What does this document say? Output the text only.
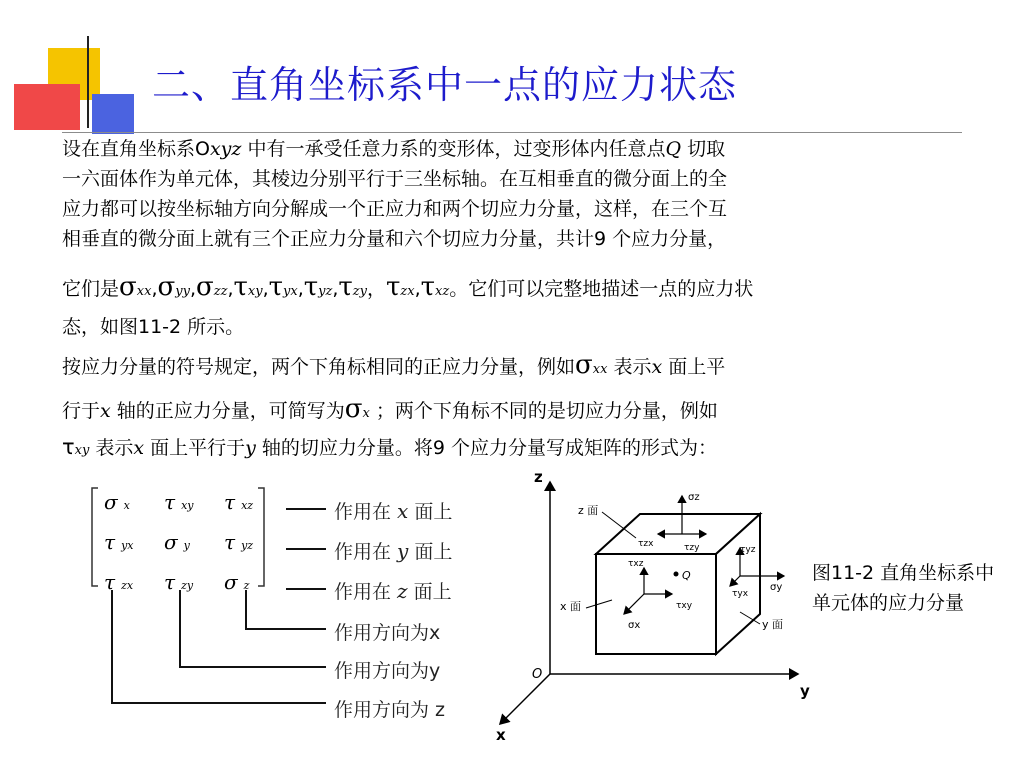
二、直角坐标系中一点的应力状态
设在直角坐标系Oxyz 中有一承受任意力系的变形体，过变形体内任意点Q 切取
一六面体作为单元体，其棱边分别平行于三坐标轴。在互相垂直的微分面上的全
应力都可以按坐标轴方向分解成一个正应力和两个切应力分量，这样，在三个互
相垂直的微分面上就有三个正应力分量和六个切应力分量，共计9 个应力分量，
它们是σxx,σyy,σzz,τxy,τyx,τyz,τzy，τzx,τxz。它们可以完整地描述一点的应力状
态，如图11-2 所示。
按应力分量的符号规定，两个下角标相同的正应力分量，例如σxx 表示x 面上平
行于x 轴的正应力分量，可简写为σx ；两个下角标不同的是切应力分量，例如
τxy 表示x 面上平行于y 轴的切应力分量。将9 个应力分量写成矩阵的形式为：
σx τxy τxz
τyx σy τyz
τzx τzy σz
作用在 x 面上
作用在 y 面上
作用在 z 面上
作用方向为x
作用方向为y
作用方向为 z
z
y
x
O
Q
σz
τzx	τzy
σy
τyz
τyx
σx
τxz
τxy
z 面
x 面
y 面
图11-2 直角坐标系中单元体的应力分量
